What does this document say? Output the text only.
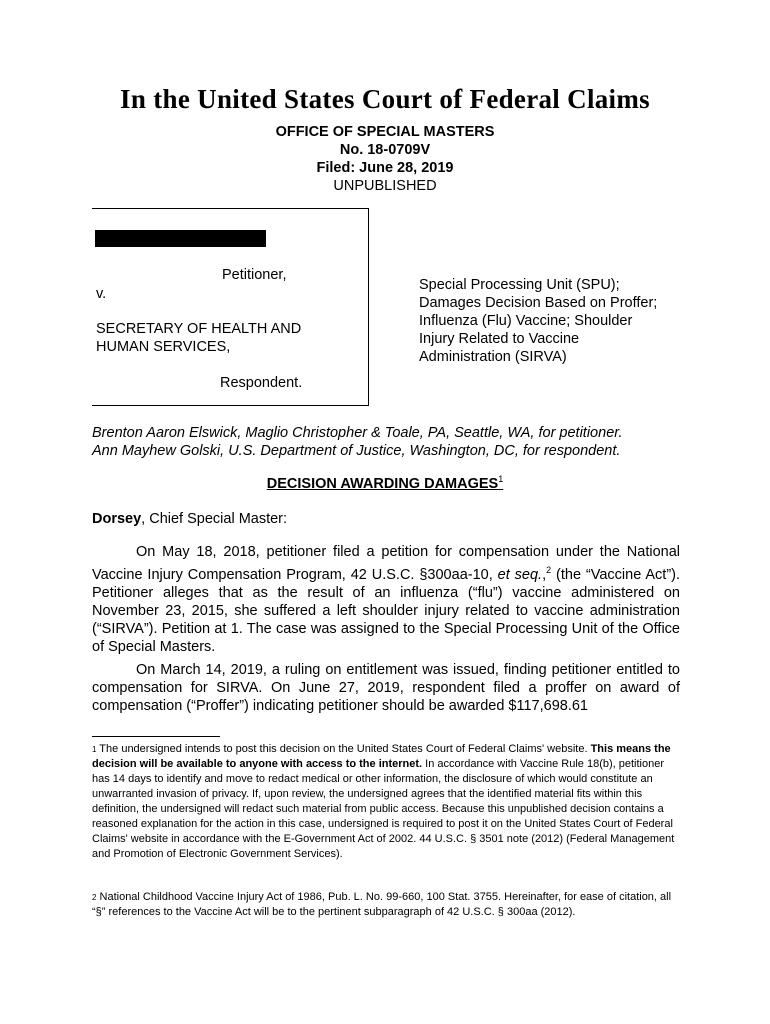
In the United States Court of Federal Claims
OFFICE OF SPECIAL MASTERS
No. 18-0709V
Filed: June 28, 2019
UNPUBLISHED
Petitioner,
v.
SECRETARY OF HEALTH AND
HUMAN SERVICES,
Respondent.
Special Processing Unit (SPU);
Damages Decision Based on Proffer;
Influenza (Flu) Vaccine; Shoulder
Injury Related to Vaccine
Administration (SIRVA)
Brenton Aaron Elswick, Maglio Christopher & Toale, PA, Seattle, WA, for petitioner.
Ann Mayhew Golski, U.S. Department of Justice, Washington, DC, for respondent.
DECISION AWARDING DAMAGES$^1$
Dorsey, Chief Special Master:
On May 18, 2018, petitioner filed a petition for compensation under the National Vaccine Injury Compensation Program, 42 U.S.C. §300aa-10, et seq.,$^2$ (the “Vaccine Act”). Petitioner alleges that as the result of an influenza (“flu”) vaccine administered on November 23, 2015, she suffered a left shoulder injury related to vaccine administration (“SIRVA”). Petition at 1. The case was assigned to the Special Processing Unit of the Office of Special Masters.
On March 14, 2019, a ruling on entitlement was issued, finding petitioner entitled to compensation for SIRVA. On June 27, 2019, respondent filed a proffer on award of compensation (“Proffer”) indicating petitioner should be awarded $117,698.61
$^1$ The undersigned intends to post this decision on the United States Court of Federal Claims' website. This means the decision will be available to anyone with access to the internet. In accordance with Vaccine Rule 18(b), petitioner has 14 days to identify and move to redact medical or other information, the disclosure of which would constitute an unwarranted invasion of privacy. If, upon review, the undersigned agrees that the identified material fits within this definition, the undersigned will redact such material from public access. Because this unpublished decision contains a reasoned explanation for the action in this case, undersigned is required to post it on the United States Court of Federal Claims' website in accordance with the E-Government Act of 2002. 44 U.S.C. § 3501 note (2012) (Federal Management and Promotion of Electronic Government Services).
$^2$ National Childhood Vaccine Injury Act of 1986, Pub. L. No. 99-660, 100 Stat. 3755. Hereinafter, for ease of citation, all “§” references to the Vaccine Act will be to the pertinent subparagraph of 42 U.S.C. § 300aa (2012).
